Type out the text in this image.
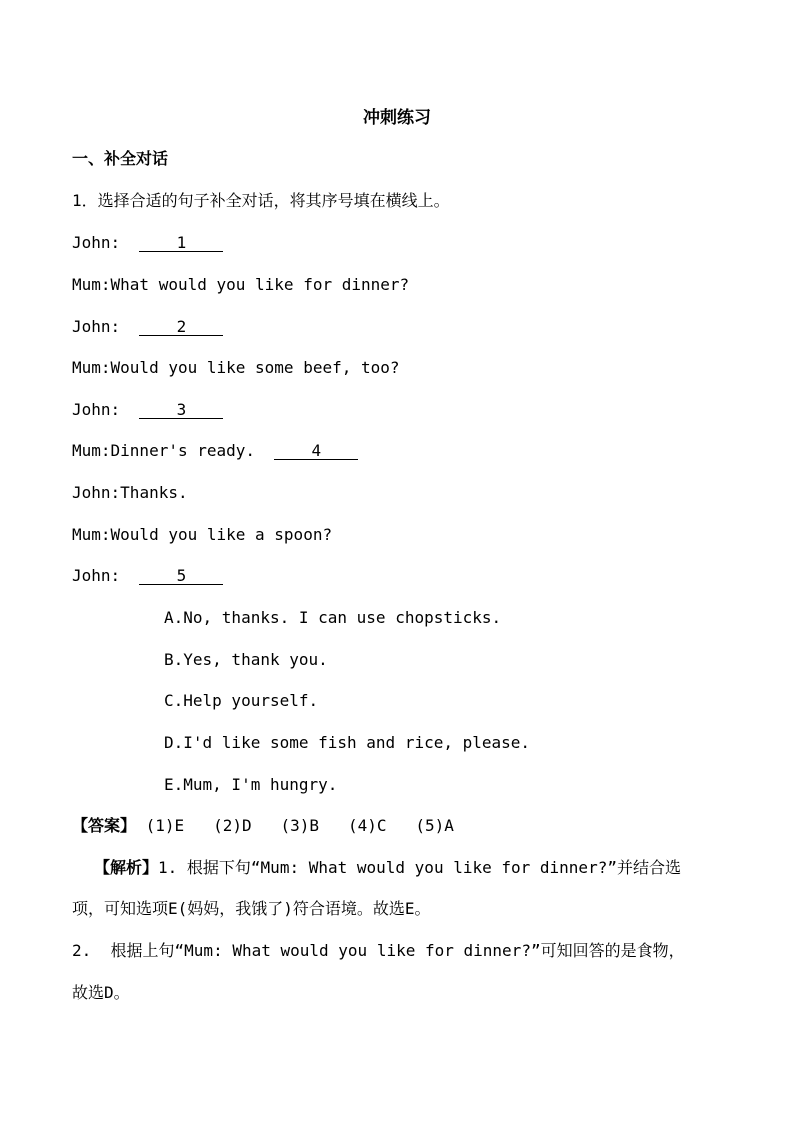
冲刺练习
一、补全对话
1．选择合适的句子补全对话，将其序号填在横线上。
John:	1
Mum:What would you like for dinner?
John:	2
Mum:Would you like some beef, too?
John:	3
Mum:Dinner's ready.	4
John:Thanks.
Mum:Would you like a spoon?
John:	5
A.No, thanks. I can use chopsticks.
B.Yes, thank you.
C.Help yourself.
D.I'd like some fish and rice, please.
E.Mum, I'm hungry.
【答案】 (1)E   (2)D   (3)B   (4)C   (5)A
【解析】1. 根据下句“Mum: What would you like for dinner?”并结合选
项，可知选项E(妈妈，我饿了)符合语境。故选E。
2.  根据上句“Mum: What would you like for dinner?”可知回答的是食物，
故选D。
